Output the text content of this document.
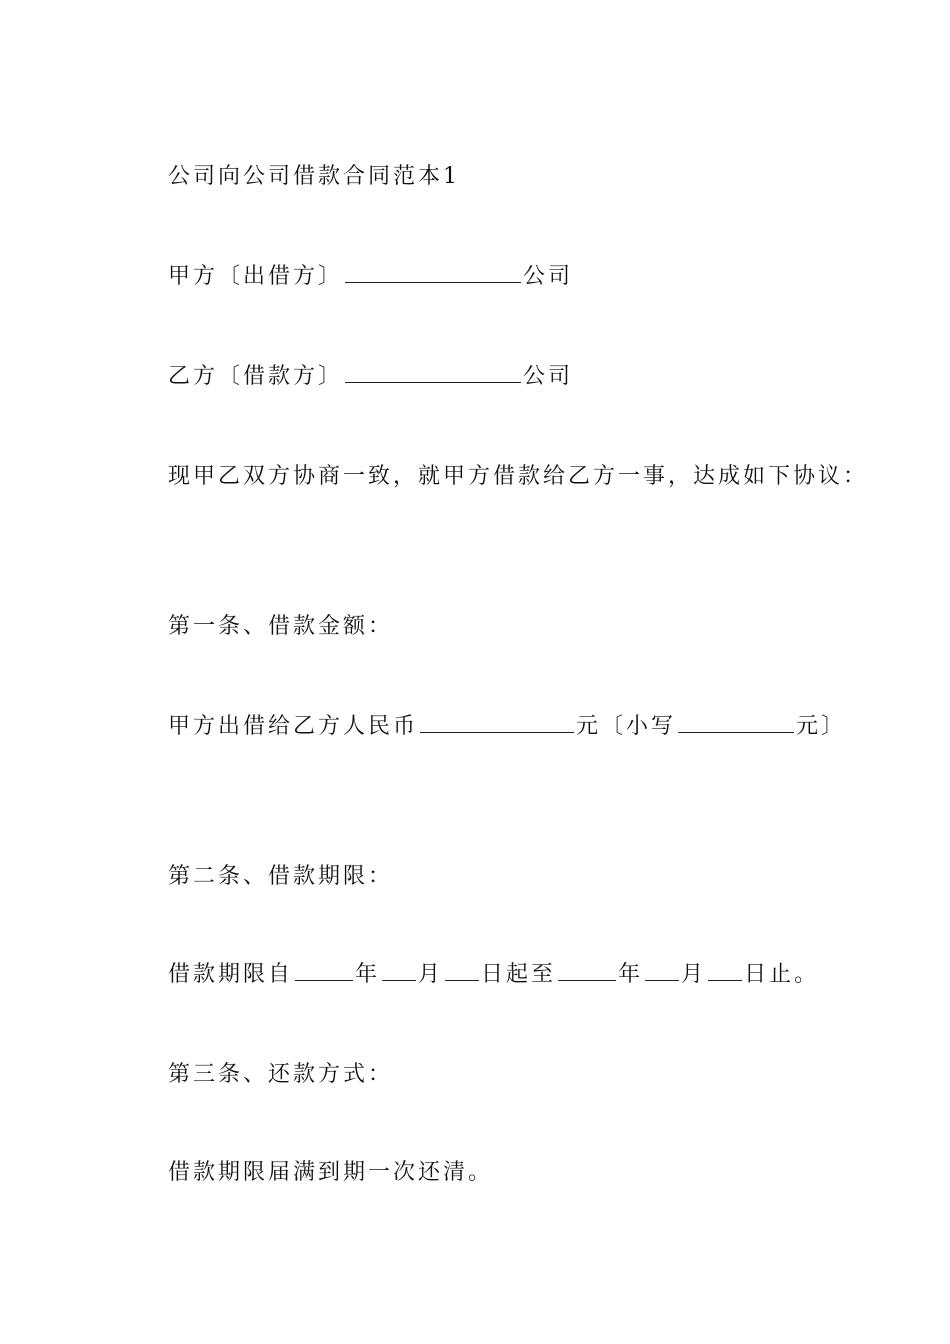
公司向公司借款合同范本1
甲方〔出借方〕	公司
乙方〔借款方〕	公司
现甲乙双方协商一致，就甲方借款给乙方一事，达成如下协议：
第一条、借款金额：
甲方出借给乙方人民币	元〔小写	元〕
第二条、借款期限：
借款期限自	年 月 日起至	年 月 日止。
第三条、还款方式：
借款期限届满到期一次还清。
